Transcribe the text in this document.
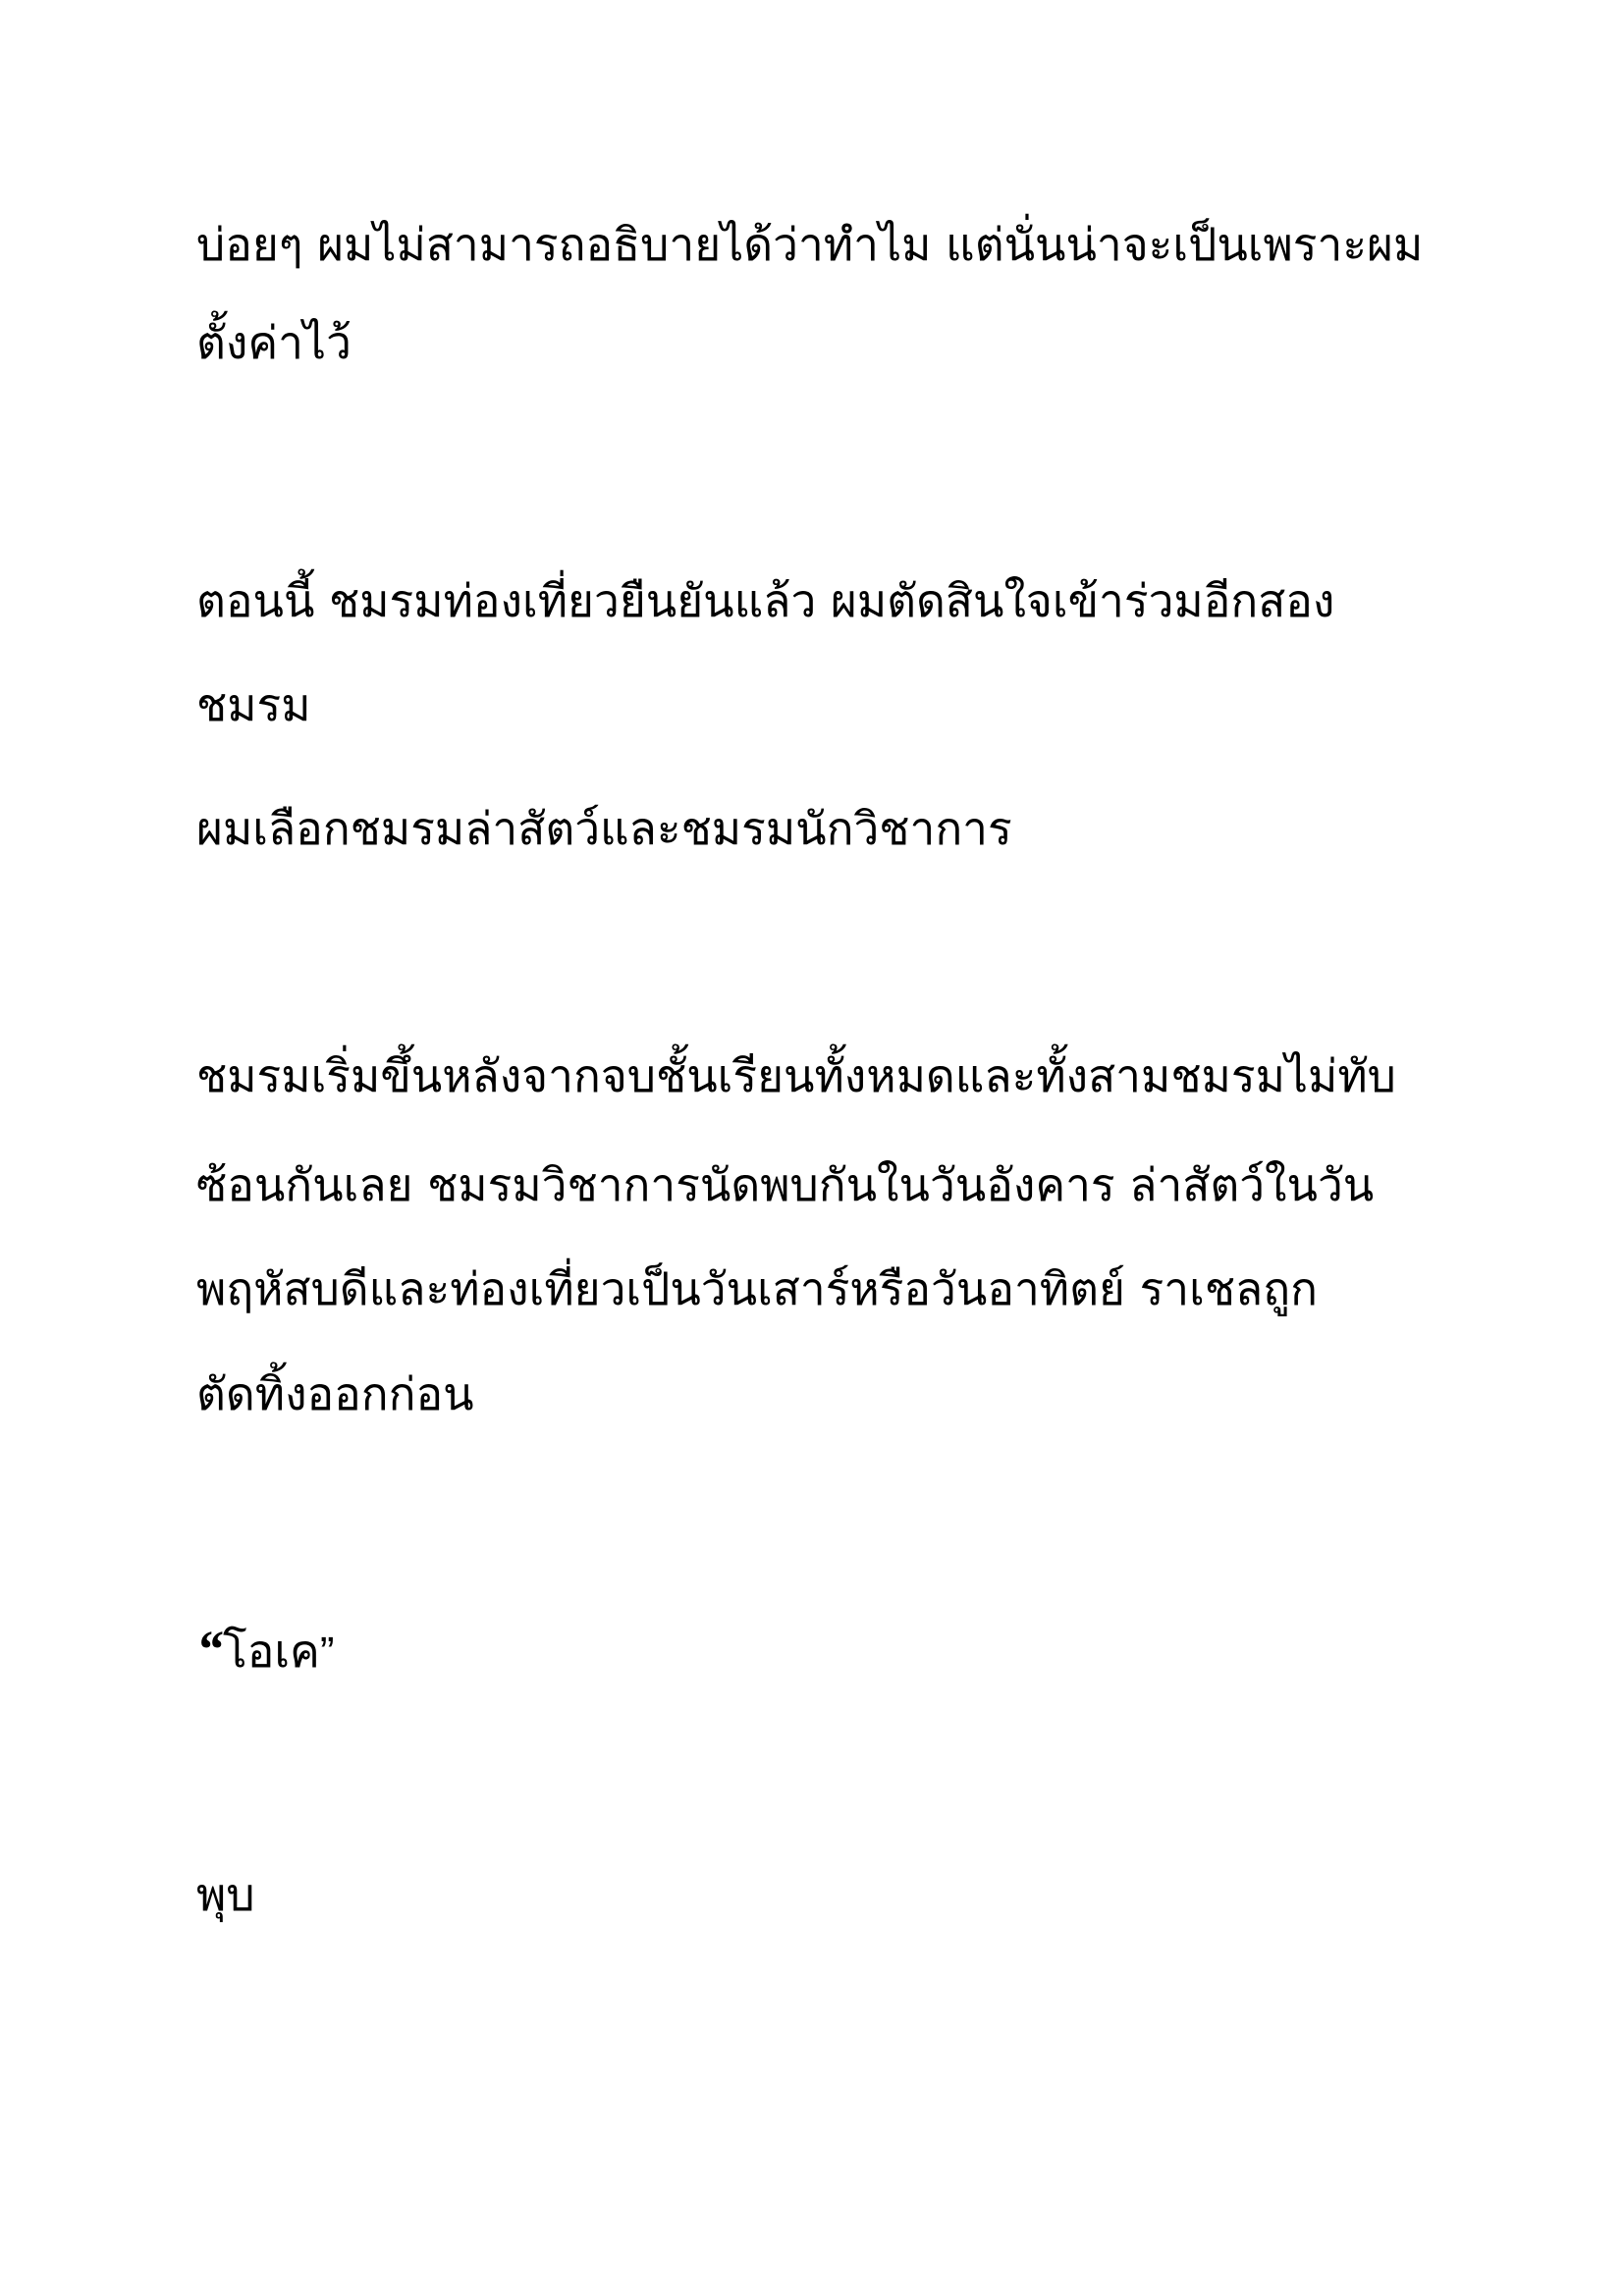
บ่อยๆ ผมไม่สามารถอธิบายได้ว่าทำไม แต่นั่นน่าจะเป็นเพราะผม
ตั้งค่าไว้
ตอนนี้ ชมรมท่องเที่ยวยืนยันแล้ว ผมตัดสินใจเข้าร่วมอีกสอง
ชมรม
ผมเลือกชมรมล่าสัตว์และชมรมนักวิชาการ
ชมรมเริ่มขึ้นหลังจากจบชั้นเรียนทั้งหมดและทั้งสามชมรมไม่ทับ
ซ้อนกันเลย ชมรมวิชาการนัดพบกันในวันอังคาร ล่าสัตว์ในวัน
พฤหัสบดีและท่องเที่ยวเป็นวันเสาร์หรือวันอาทิตย์ ราเชลถูก
ตัดทิ้งออกก่อน
“โอเค”
พุบ
